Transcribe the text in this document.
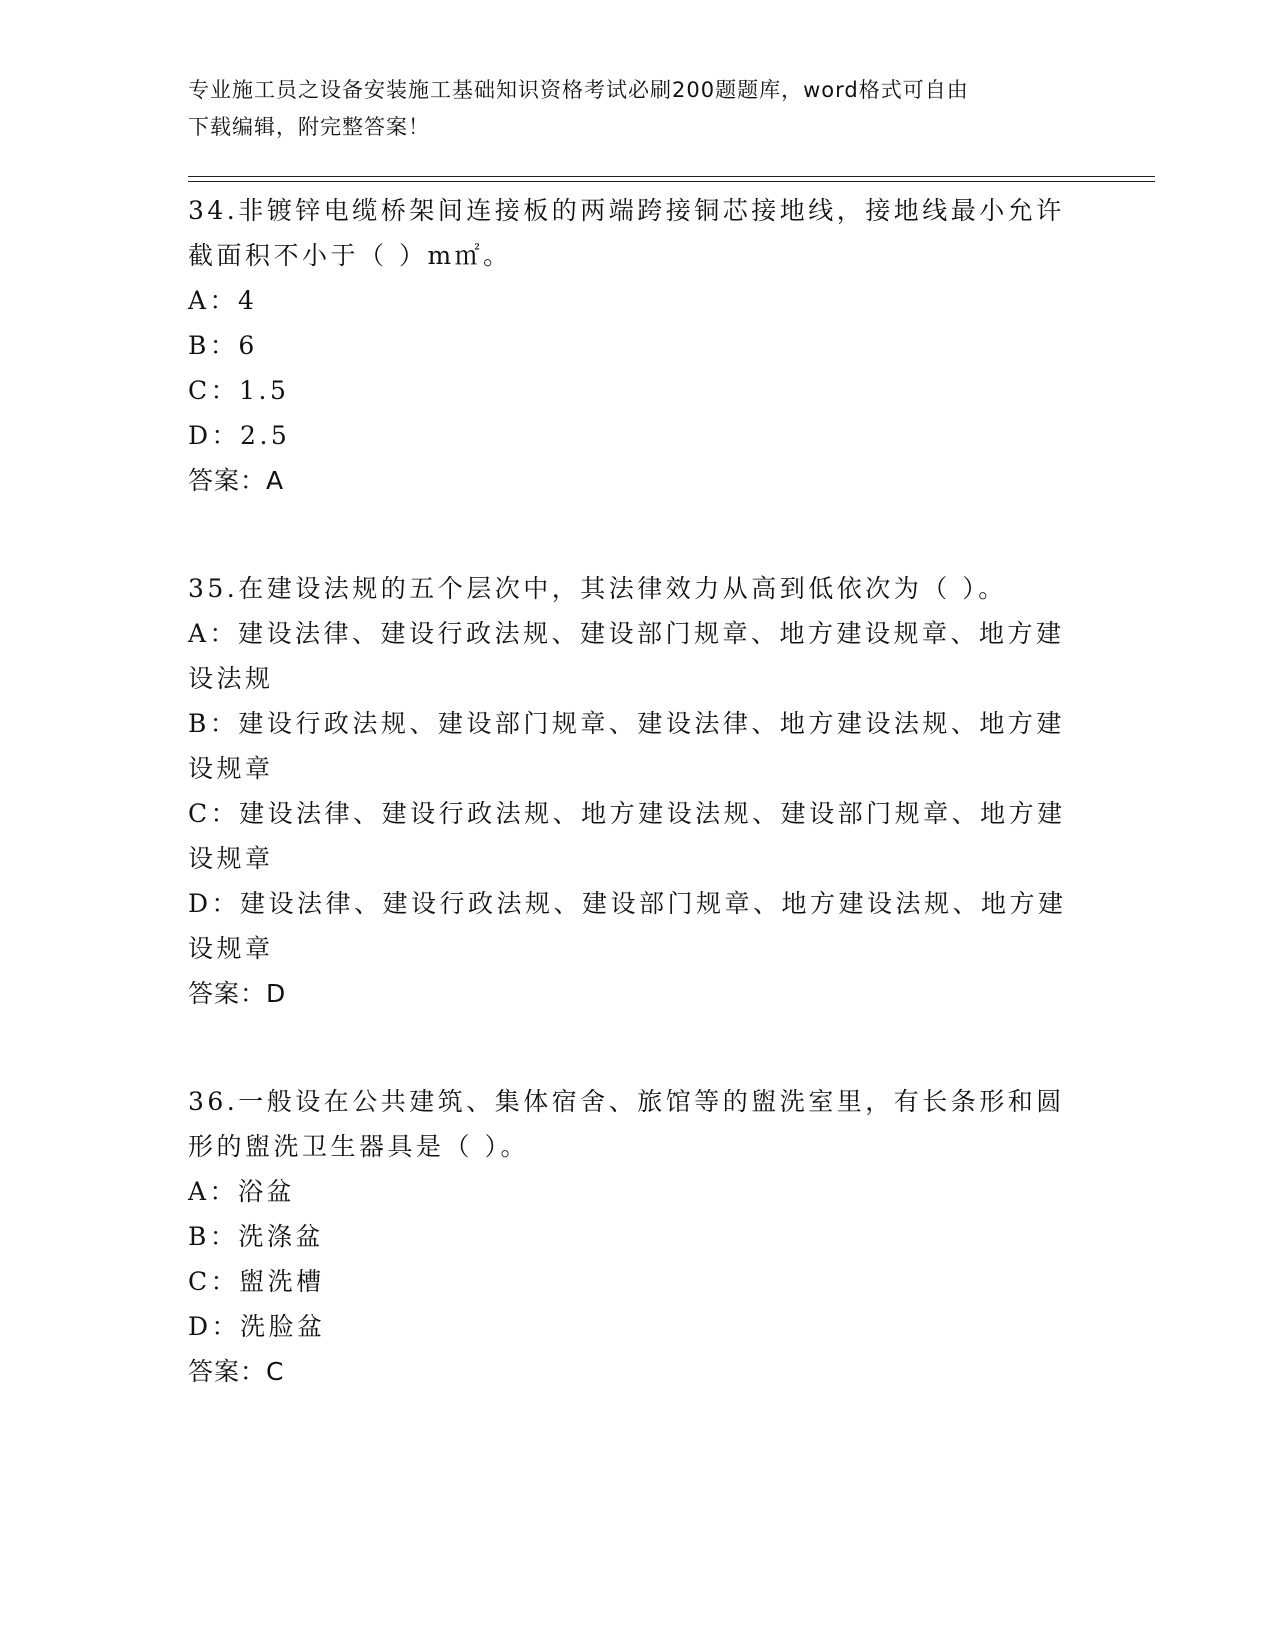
专业施工员之设备安装施工基础知识资格考试必刷200题题库，word格式可自由
下载编辑，附完整答案！
34.非镀锌电缆桥架间连接板的两端跨接铜芯接地线，接地线最小允许
截面积不小于（ ）m㎡。
A：4
B：6
C：1.5
D：2.5
答案：A
35.在建设法规的五个层次中，其法律效力从高到低依次为（ ）。
A：建设法律、建设行政法规、建设部门规章、地方建设规章、地方建
设法规
B：建设行政法规、建设部门规章、建设法律、地方建设法规、地方建
设规章
C：建设法律、建设行政法规、地方建设法规、建设部门规章、地方建
设规章
D：建设法律、建设行政法规、建设部门规章、地方建设法规、地方建
设规章
答案：D
36.一般设在公共建筑、集体宿舍、旅馆等的盥洗室里，有长条形和圆
形的盥洗卫生器具是（ ）。
A：浴盆
B：洗涤盆
C：盥洗槽
D：洗脸盆
答案：C
